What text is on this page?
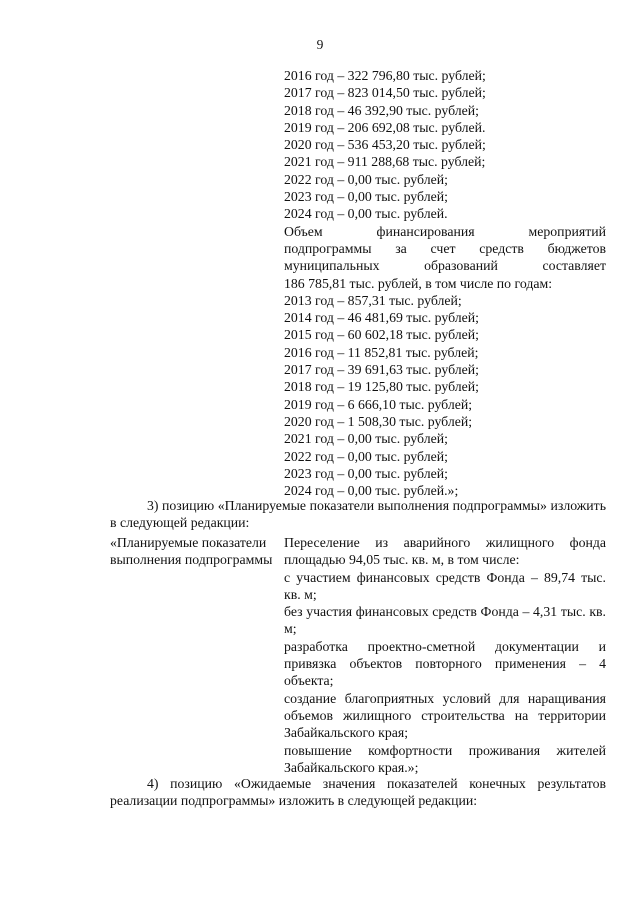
9

2016 год – 322 796,80 тыс. рублей;

2017 год – 823 014,50 тыс. рублей;

2018 год – 46 392,90 тыс. рублей;

2019 год – 206 692,08 тыс. рублей.

2020 год – 536 453,20 тыс. рублей;

2021 год – 911 288,68 тыс. рублей;

2022 год – 0,00 тыс. рублей;

2023 год – 0,00 тыс. рублей;

2024 год – 0,00 тыс. рублей.

Объем финансирования мероприятий

подпрограммы за счет средств бюджетов

муниципальных образований составляет

186 785,81 тыс. рублей, в том числе по годам:

2013 год – 857,31 тыс. рублей;

2014 год – 46 481,69 тыс. рублей;

2015 год – 60 602,18 тыс. рублей;

2016 год – 11 852,81 тыс. рублей;

2017 год – 39 691,63 тыс. рублей;

2018 год – 19 125,80 тыс. рублей;

2019 год – 6 666,10 тыс. рублей;

2020 год – 1 508,30 тыс. рублей;

2021 год – 0,00 тыс. рублей;

2022 год – 0,00 тыс. рублей;

2023 год – 0,00 тыс. рублей;

2024 год – 0,00 тыс. рублей.»;

3) позицию «Планируемые показатели выполнения подпрограммы» изложить в следующей редакции:
«Планируемые показатели выполнения подпрограммы

Переселение из аварийного жилищного фонда площадью 94,05 тыс. кв. м, в том числе:

с участием финансовых средств Фонда – 89,74 тыс. кв. м;

без участия финансовых средств Фонда – 4,31 тыс. кв. м;

разработка проектно-сметной документации и привязка объектов повторного применения – 4 объекта;

создание благоприятных условий для наращивания объемов жилищного строительства на территории Забайкальского края;

повышение комфортности проживания жителей Забайкальского края.»;

4) позицию «Ожидаемые значения показателей конечных результатов реализации подпрограммы» изложить в следующей редакции:
